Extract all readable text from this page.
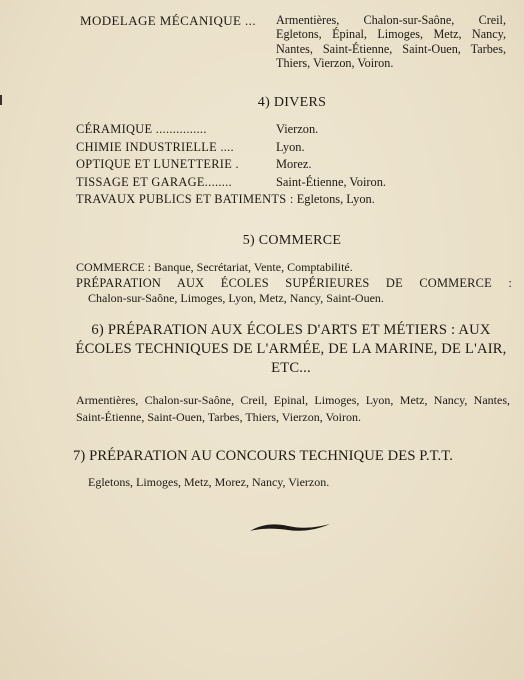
MODELAGE MÉCANIQUE ... Armentières, Chalon-sur-Saône, Creil, Egletons, Épinal, Limoges, Metz, Nancy, Nantes, Saint-Étienne, Saint-Ouen, Tarbes, Thiers, Vierzon, Voiron.
4) DIVERS
CÉRAMIQUE ...............	Vierzon.
CHIMIE INDUSTRIELLE ....	Lyon.
OPTIQUE ET LUNETTERIE .	Morez.
TISSAGE ET GARAGE........	Saint-Étienne, Voiron.
TRAVAUX PUBLICS ET BATIMENTS : Egletons, Lyon.
5) COMMERCE
COMMERCE : Banque, Secrétariat, Vente, Comptabilité.
PRÉPARATION AUX ÉCOLES SUPÉRIEURES DE COMMERCE :
Chalon-sur-Saône, Limoges, Lyon, Metz, Nancy, Saint-Ouen.
6) PRÉPARATION AUX ÉCOLES D'ARTS ET MÉTIERS : AUX ÉCOLES TECHNIQUES DE L'ARMÉE, DE LA MARINE, DE L'AIR, ETC...
Armentières, Chalon-sur-Saône, Creil, Epinal, Limoges, Lyon, Metz, Nancy, Nantes, Saint-Étienne, Saint-Ouen, Tarbes, Thiers, Vierzon, Voiron.
7) PRÉPARATION AU CONCOURS TECHNIQUE DES P.T.T.
Egletons, Limoges, Metz, Morez, Nancy, Vierzon.
